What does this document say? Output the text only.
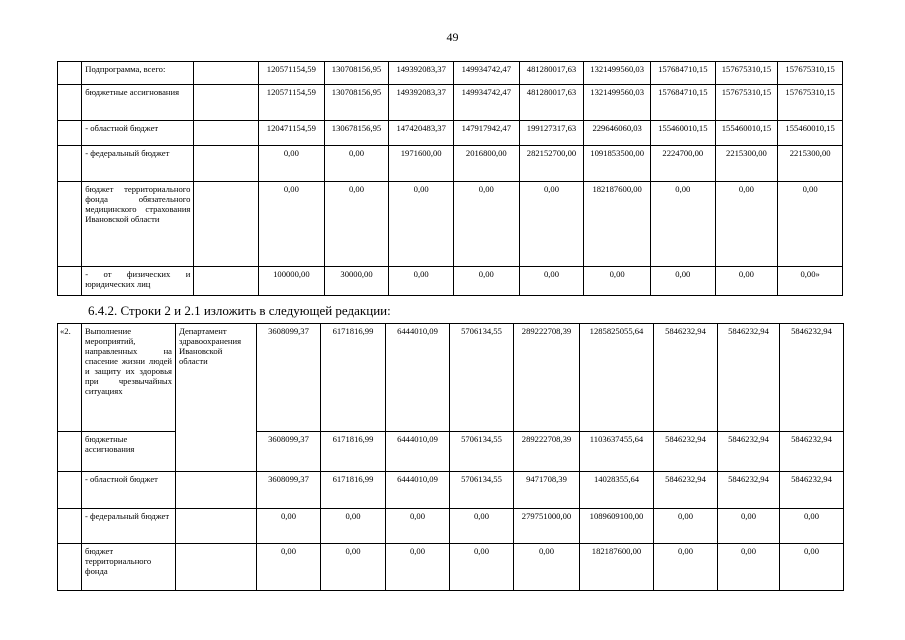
49
	Подпрограмма, всего:		120571154,59	130708156,95	149392083,37	149934742,47	481280017,63	1321499560,03	157684710,15	157675310,15	157675310,15
	бюджетные ассигнования		120571154,59	130708156,95	149392083,37	149934742,47	481280017,63	1321499560,03	157684710,15	157675310,15	157675310,15
	- областной бюджет		120471154,59	130678156,95	147420483,37	147917942,47	199127317,63	229646060,03	155460010,15	155460010,15	155460010,15
	- федеральный бюджет		0,00	0,00	1971600,00	2016800,00	282152700,00	1091853500,00	2224700,00	2215300,00	2215300,00
	бюджет территориального фонда обязательного медицинского страхования Ивановской области		0,00	0,00	0,00	0,00	0,00	182187600,00	0,00	0,00	0,00
	- от физических и юридических лиц		100000,00	30000,00	0,00	0,00	0,00	0,00	0,00	0,00	0,00»
6.4.2. Строки 2 и 2.1 изложить в следующей редакции:
«2.	Выполнение мероприятий, направленных на спасение жизни людей и защиту их здоровья при чрезвычайных ситуациях	Департамент здравоохранения Ивановской области	3608099,37	6171816,99	6444010,09	5706134,55	289222708,39	1285825055,64	5846232,94	5846232,94	5846232,94
	бюджетные ассигнования		3608099,37	6171816,99	6444010,09	5706134,55	289222708,39	1103637455,64	5846232,94	5846232,94	5846232,94
	- областной бюджет		3608099,37	6171816,99	6444010,09	5706134,55	9471708,39	14028355,64	5846232,94	5846232,94	5846232,94
	- федеральный бюджет		0,00	0,00	0,00	0,00	279751000,00	1089609100,00	0,00	0,00	0,00
	бюджет территориального фонда		0,00	0,00	0,00	0,00	0,00	182187600,00	0,00	0,00	0,00
